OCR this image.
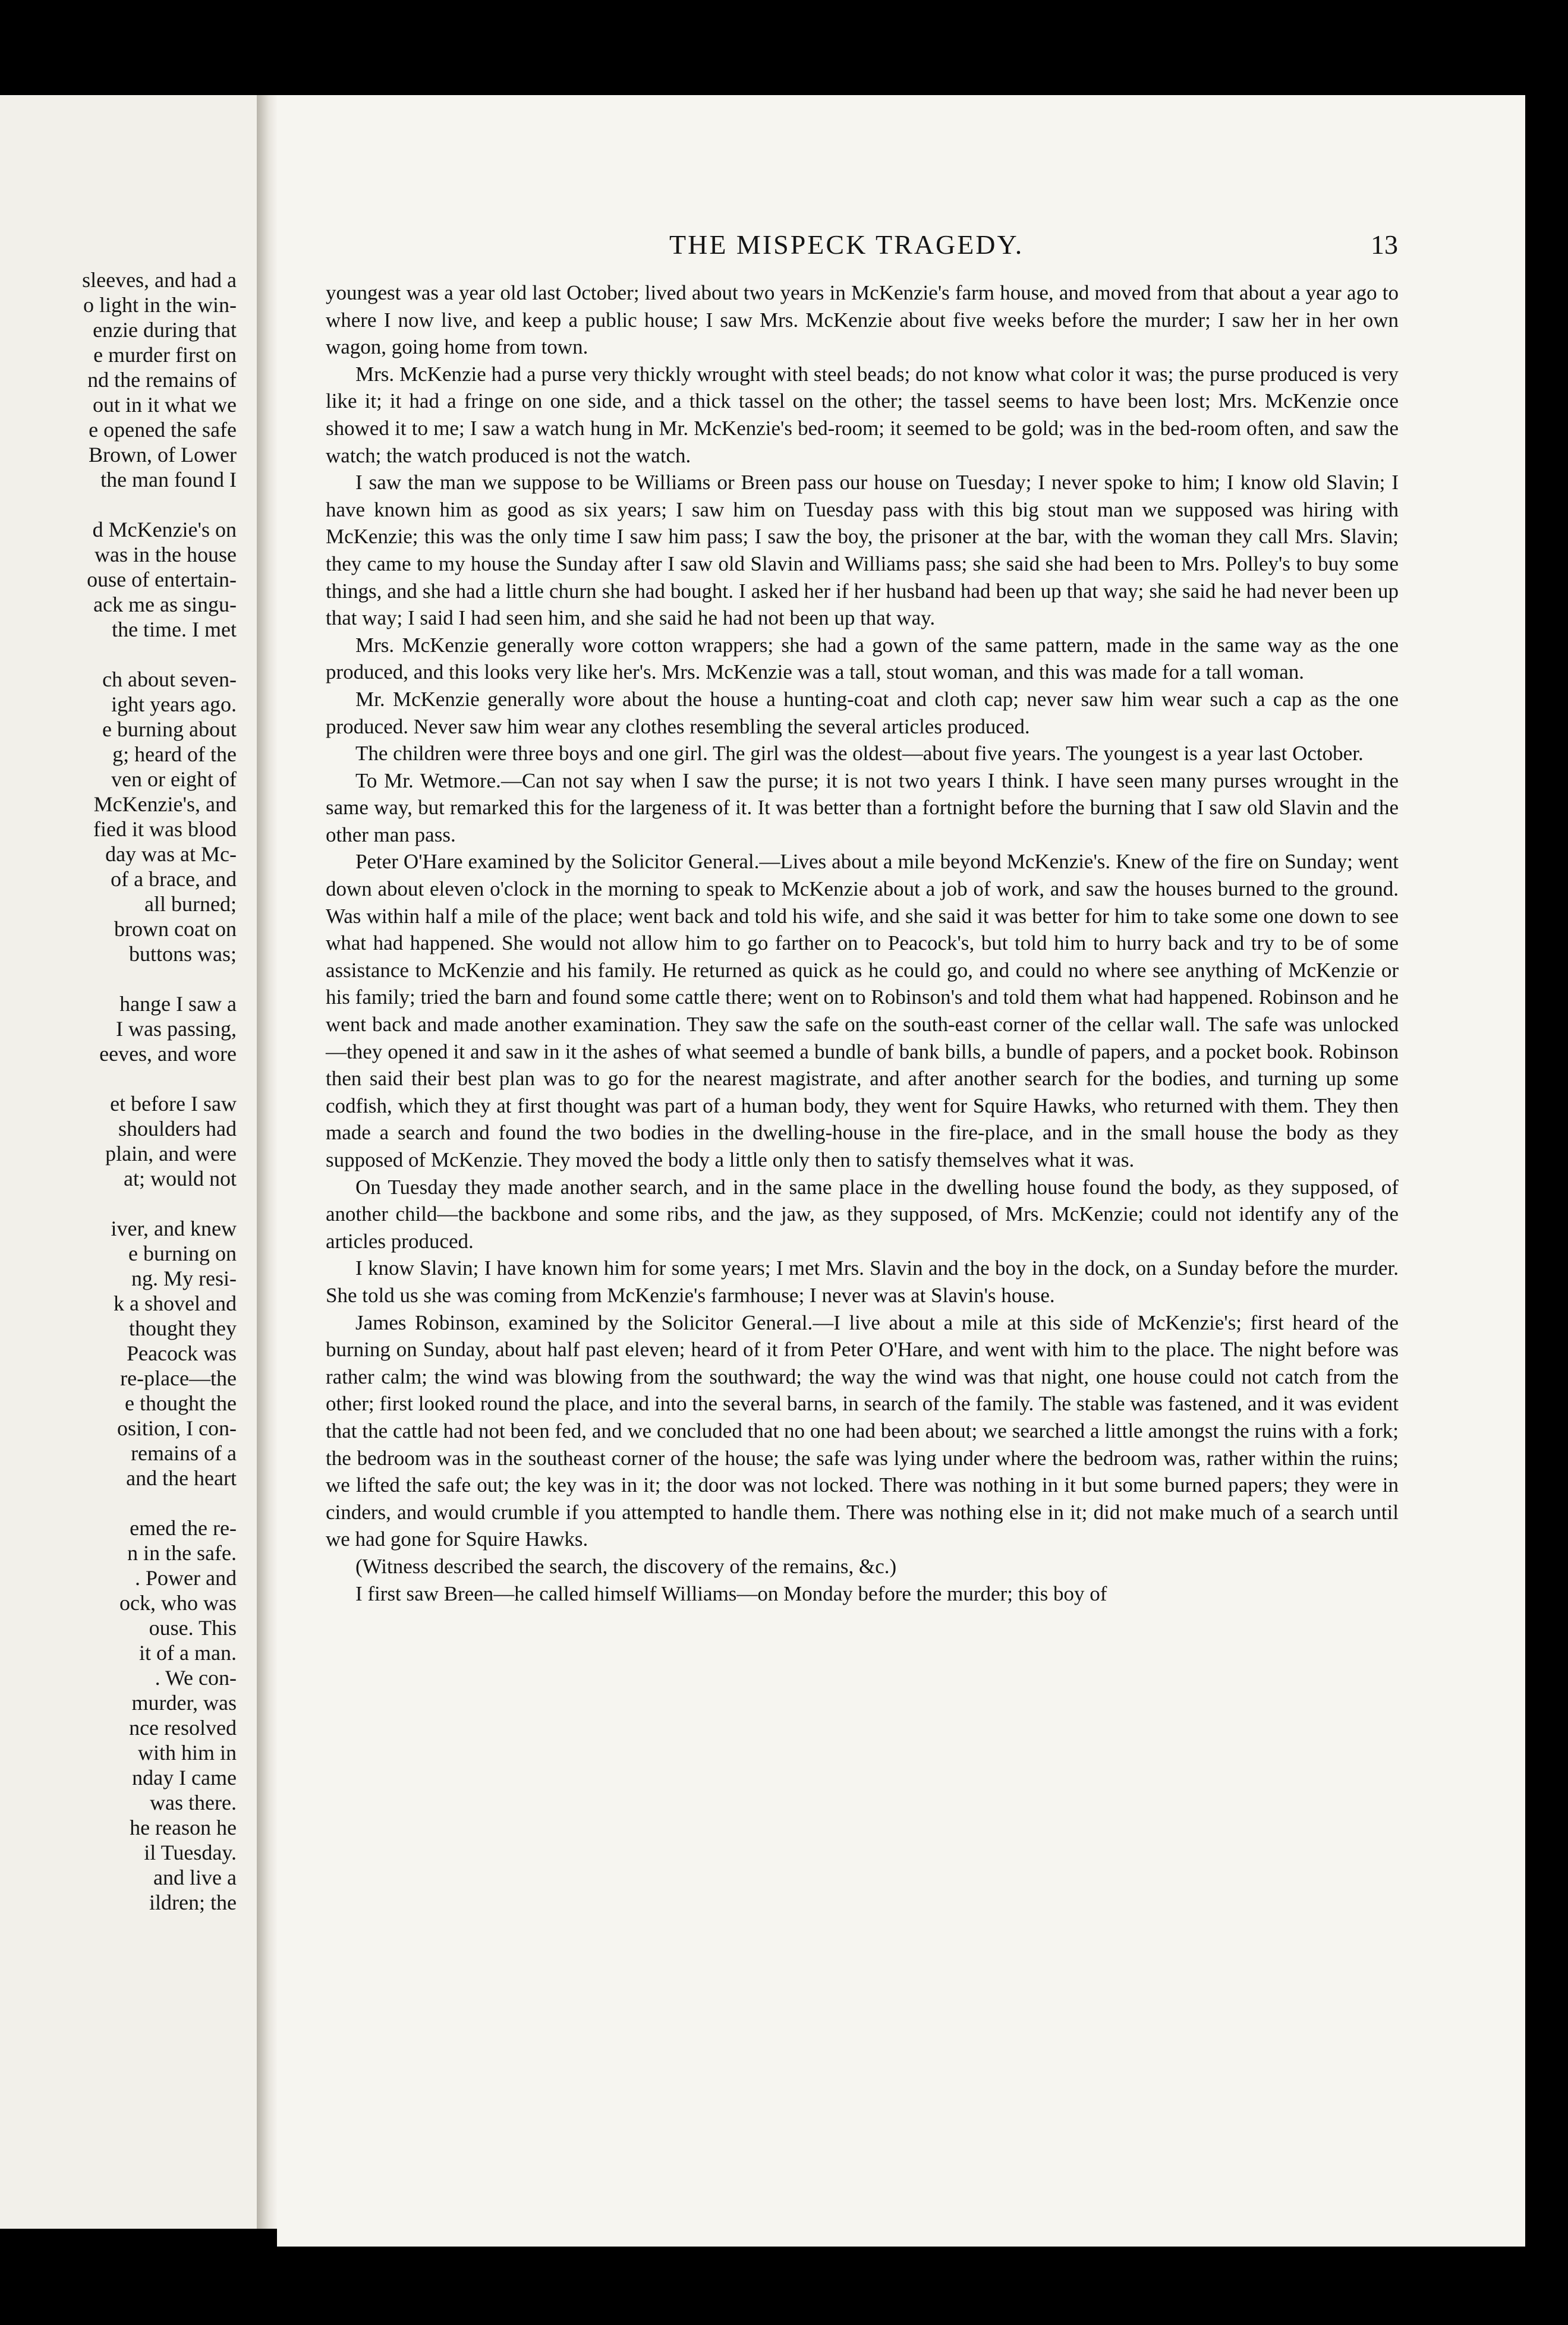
sleeves, and had a
o light in the win-
enzie during that
e murder first on
nd the remains of
out in it what we
e opened the safe
Brown, of Lower
the man found I

d McKenzie's on
was in the house
ouse of entertain-
ack me as singu-
the time. I met

ch about seven-
ight years ago.
e burning about
g; heard of the
ven or eight of
McKenzie's, and
fied it was blood
day was at Mc-
of a brace, and
all burned;
brown coat on
buttons was;

hange I saw a
I was passing,
eeves, and wore

et before I saw
shoulders had
plain, and were
at; would not

iver, and knew
e burning on
ng. My resi-
k a shovel and
thought they
Peacock was
re-place—the
e thought the
osition, I con-
remains of a
and the heart

emed the re-
n in the safe.
. Power and
ock, who was
ouse. This
it of a man.
. We con-
murder, was
nce resolved
with him in
nday I came
was there.
he reason he
il Tuesday.
and live a
ildren; the
THE MISPECK TRAGEDY.	13

youngest was a year old last October; lived about two years in McKenzie's farm house, and moved from that about a year ago to where I now live, and keep a public house; I saw Mrs. McKenzie about five weeks before the murder; I saw her in her own wagon, going home from town.

Mrs. McKenzie had a purse very thickly wrought with steel beads; do not know what color it was; the purse produced is very like it; it had a fringe on one side, and a thick tassel on the other; the tassel seems to have been lost; Mrs. McKenzie once showed it to me; I saw a watch hung in Mr. McKenzie's bed-room; it seemed to be gold; was in the bed-room often, and saw the watch; the watch produced is not the watch.

I saw the man we suppose to be Williams or Breen pass our house on Tuesday; I never spoke to him; I know old Slavin; I have known him as good as six years; I saw him on Tuesday pass with this big stout man we supposed was hiring with McKenzie; this was the only time I saw him pass; I saw the boy, the prisoner at the bar, with the woman they call Mrs. Slavin; they came to my house the Sunday after I saw old Slavin and Williams pass; she said she had been to Mrs. Polley's to buy some things, and she had a little churn she had bought. I asked her if her husband had been up that way; she said he had never been up that way; I said I had seen him, and she said he had not been up that way.

Mrs. McKenzie generally wore cotton wrappers; she had a gown of the same pattern, made in the same way as the one produced, and this looks very like her's. Mrs. McKenzie was a tall, stout woman, and this was made for a tall woman.

Mr. McKenzie generally wore about the house a hunting-coat and cloth cap; never saw him wear such a cap as the one produced. Never saw him wear any clothes resembling the several articles produced.

The children were three boys and one girl. The girl was the oldest—about five years. The youngest is a year last October.

To Mr. Wetmore.—Can not say when I saw the purse; it is not two years I think. I have seen many purses wrought in the same way, but remarked this for the largeness of it. It was better than a fortnight before the burning that I saw old Slavin and the other man pass.

Peter O'Hare examined by the Solicitor General.—Lives about a mile beyond McKenzie's. Knew of the fire on Sunday; went down about eleven o'clock in the morning to speak to McKenzie about a job of work, and saw the houses burned to the ground. Was within half a mile of the place; went back and told his wife, and she said it was better for him to take some one down to see what had happened. She would not allow him to go farther on to Peacock's, but told him to hurry back and try to be of some assistance to McKenzie and his family. He returned as quick as he could go, and could no where see anything of McKenzie or his family; tried the barn and found some cattle there; went on to Robinson's and told them what had happened. Robinson and he went back and made another examination. They saw the safe on the south-east corner of the cellar wall. The safe was unlocked—they opened it and saw in it the ashes of what seemed a bundle of bank bills, a bundle of papers, and a pocket book. Robinson then said their best plan was to go for the nearest magistrate, and after another search for the bodies, and turning up some codfish, which they at first thought was part of a human body, they went for Squire Hawks, who returned with them. They then made a search and found the two bodies in the dwelling-house in the fire-place, and in the small house the body as they supposed of McKenzie. They moved the body a little only then to satisfy themselves what it was.

On Tuesday they made another search, and in the same place in the dwelling house found the body, as they supposed, of another child—the backbone and some ribs, and the jaw, as they supposed, of Mrs. McKenzie; could not identify any of the articles produced.

I know Slavin; I have known him for some years; I met Mrs. Slavin and the boy in the dock, on a Sunday before the murder. She told us she was coming from McKenzie's farmhouse; I never was at Slavin's house.

James Robinson, examined by the Solicitor General.—I live about a mile at this side of McKenzie's; first heard of the burning on Sunday, about half past eleven; heard of it from Peter O'Hare, and went with him to the place. The night before was rather calm; the wind was blowing from the southward; the way the wind was that night, one house could not catch from the other; first looked round the place, and into the several barns, in search of the family. The stable was fastened, and it was evident that the cattle had not been fed, and we concluded that no one had been about; we searched a little amongst the ruins with a fork; the bedroom was in the southeast corner of the house; the safe was lying under where the bedroom was, rather within the ruins; we lifted the safe out; the key was in it; the door was not locked. There was nothing in it but some burned papers; they were in cinders, and would crumble if you attempted to handle them. There was nothing else in it; did not make much of a search until we had gone for Squire Hawks.

(Witness described the search, the discovery of the remains, &c.)

I first saw Breen—he called himself Williams—on Monday before the murder; this boy of
